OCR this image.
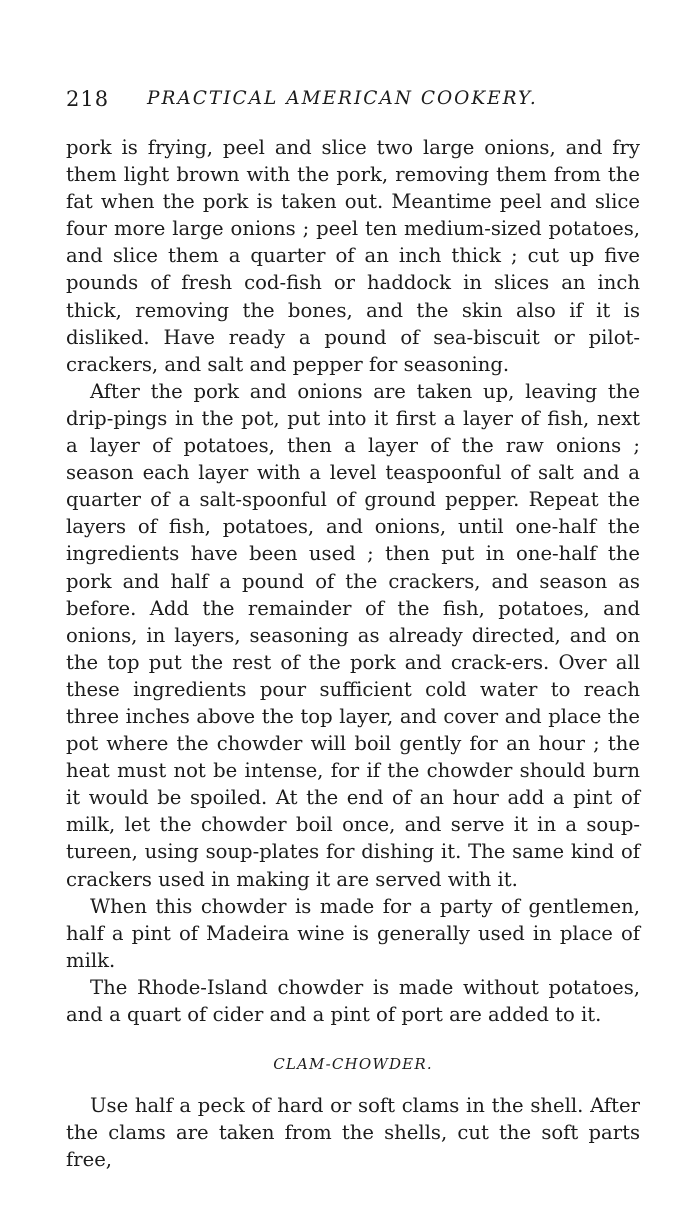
218 PRACTICAL AMERICAN COOKERY.

pork is frying, peel and slice two large onions, and fry them light brown with the pork, removing them from the fat when the pork is taken out. Meantime peel and slice four more large onions ; peel ten medium-sized potatoes, and slice them a quarter of an inch thick ; cut up five pounds of fresh cod-fish or haddock in slices an inch thick, removing the bones, and the skin also if it is disliked. Have ready a pound of sea-biscuit or pilot-crackers, and salt and pepper for seasoning.

After the pork and onions are taken up, leaving the drip-pings in the pot, put into it first a layer of fish, next a layer of potatoes, then a layer of the raw onions ; season each layer with a level teaspoonful of salt and a quarter of a salt-spoonful of ground pepper. Repeat the layers of fish, potatoes, and onions, until one-half the ingredients have been used ; then put in one-half the pork and half a pound of the crackers, and season as before. Add the remainder of the fish, potatoes, and onions, in layers, seasoning as already directed, and on the top put the rest of the pork and crack-ers. Over all these ingredients pour sufficient cold water to reach three inches above the top layer, and cover and place the pot where the chowder will boil gently for an hour ; the heat must not be intense, for if the chowder should burn it would be spoiled. At the end of an hour add a pint of milk, let the chowder boil once, and serve it in a soup-tureen, using soup-plates for dishing it. The same kind of crackers used in making it are served with it.

When this chowder is made for a party of gentlemen, half a pint of Madeira wine is generally used in place of milk.

The Rhode-Island chowder is made without potatoes, and a quart of cider and a pint of port are added to it.

CLAM-CHOWDER.

Use half a peck of hard or soft clams in the shell. After the clams are taken from the shells, cut the soft parts free,
